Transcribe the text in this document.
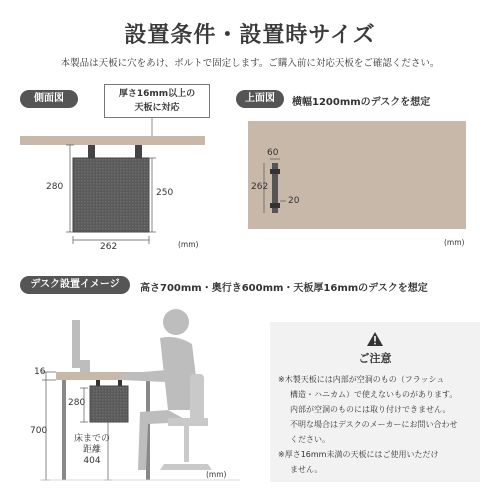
設置条件・設置時サイズ
本製品は天板に穴をあけ、ボルトで固定します。ご購入前に対応天板をご確認ください。
側面図	厚さ16mm以上の
天板に対応
280
250
262	(mm)
上面図	横幅1200mmのデスクを想定
60
262
20
(mm)
デスク設置イメージ	高さ700mm・奥行き600mm・天板厚16mmのデスクを想定
16
700
280
床までの
距離
404
(mm)
ご注意
※木製天板には内部が空洞のもの（フラッシュ
構造・ハニカム）で使えないものがあります。
内部が空洞のものには取り付けできません。
不明な場合はデスクのメーカーにお問い合わせ
ください。
※厚さ16mm未満の天板にはご使用いただけ
ません。
